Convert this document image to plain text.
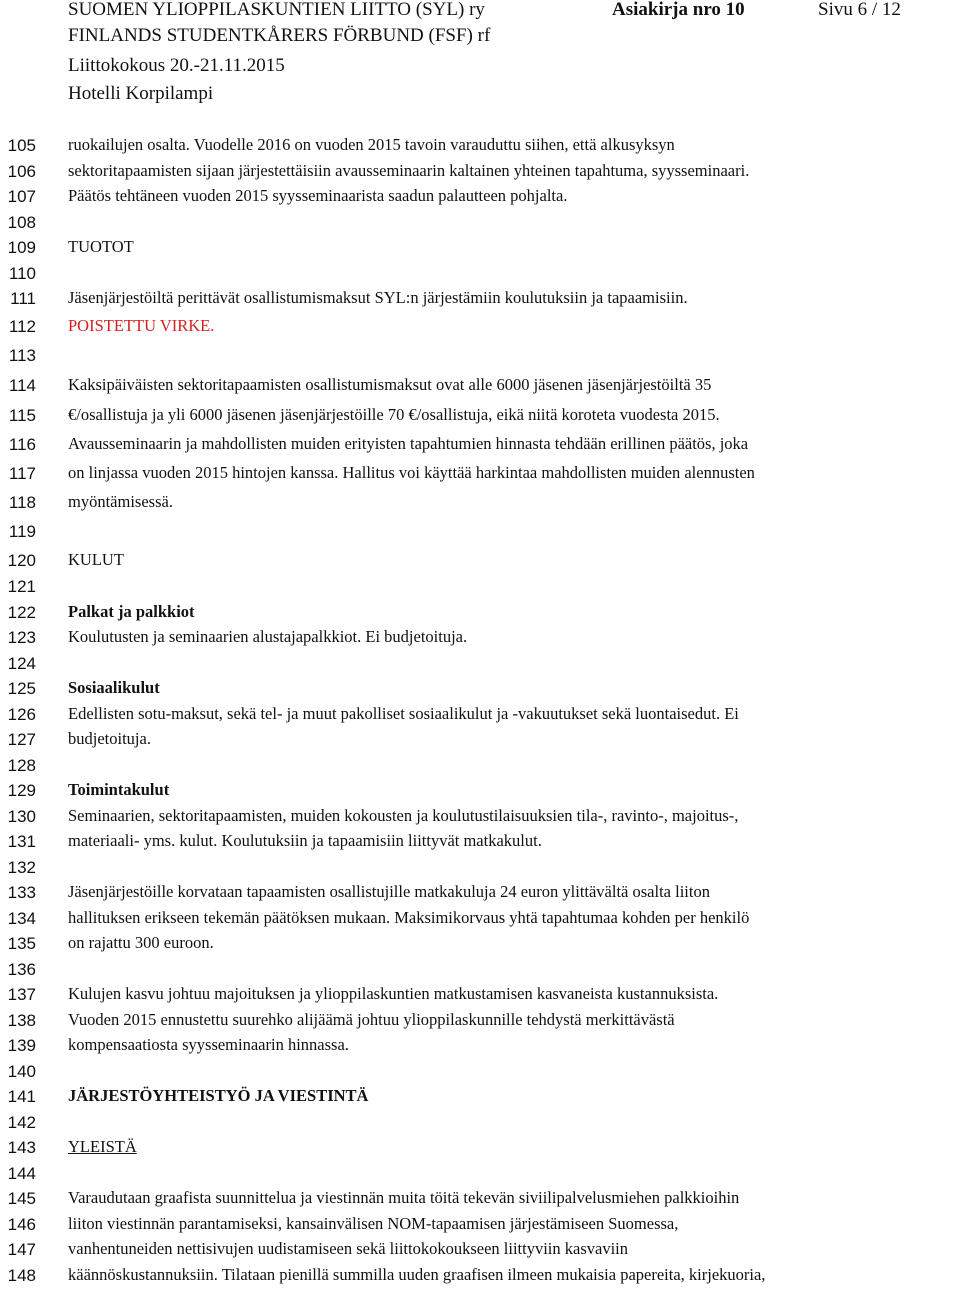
SUOMEN YLIOPPILASKUNTIEN LIITTO (SYL) ry
FINLANDS STUDENTKÅRERS FÖRBUND (FSF) rf
Liittokokous 20.-21.11.2015
Hotelli Korpilampi
Asiakirja nro 10	Sivu 6 / 12
105
106
107
108
109
110
111
112
113
114
115
116
117
118
119
120
121
122
123
124
125
126
127
128
129
130
131
132
133
134
135
136
137
138
139
140
141
142
143
144
145
146
147
148
ruokailujen osalta. Vuodelle 2016 on vuoden 2015 tavoin varauduttu siihen, että alkusyksyn
sektoritapaamisten sijaan järjestettäisiin avausseminaarin kaltainen yhteinen tapahtuma, syysseminaari.
Päätös tehtäneen vuoden 2015 syysseminaarista saadun palautteen pohjalta.
TUOTOT
Jäsenjärjestöiltä perittävät osallistumismaksut SYL:n järjestämiin koulutuksiin ja tapaamisiin.
POISTETTU VIRKE.
Kaksipäiväisten sektoritapaamisten osallistumismaksut ovat alle 6000 jäsenen jäsenjärjestöiltä 35
€/osallistuja ja yli 6000 jäsenen jäsenjärjestöille 70 €/osallistuja, eikä niitä koroteta vuodesta 2015.
Avausseminaarin ja mahdollisten muiden erityisten tapahtumien hinnasta tehdään erillinen päätös, joka
on linjassa vuoden 2015 hintojen kanssa. Hallitus voi käyttää harkintaa mahdollisten muiden alennusten
myöntämisessä.
KULUT
Palkat ja palkkiot
Koulutusten ja seminaarien alustajapalkkiot. Ei budjetoituja.
Sosiaalikulut
Edellisten sotu-maksut, sekä tel- ja muut pakolliset sosiaalikulut ja -vakuutukset sekä luontaisedut. Ei
budjetoituja.
Toimintakulut
Seminaarien, sektoritapaamisten, muiden kokousten ja koulutustilaisuuksien tila-, ravinto-, majoitus-,
materiaali- yms. kulut. Koulutuksiin ja tapaamisiin liittyvät matkakulut.
Jäsenjärjestöille korvataan tapaamisten osallistujille matkakuluja 24 euron ylittävältä osalta liiton
hallituksen erikseen tekemän päätöksen mukaan. Maksimikorvaus yhtä tapahtumaa kohden per henkilö
on rajattu 300 euroon.
Kulujen kasvu johtuu majoituksen ja ylioppilaskuntien matkustamisen kasvaneista kustannuksista.
Vuoden 2015 ennustettu suurehko alijäämä johtuu ylioppilaskunnille tehdystä merkittävästä
kompensaatiosta syysseminaarin hinnassa.
JÄRJESTÖYHTEISTYÖ JA VIESTINTÄ
YLEISTÄ
Varaudutaan graafista suunnittelua ja viestinnän muita töitä tekevän siviilipalvelusmiehen palkkioihin
liiton viestinnän parantamiseksi, kansainvälisen NOM-tapaamisen järjestämiseen Suomessa,
vanhentuneiden nettisivujen uudistamiseen sekä liittokokoukseen liittyviin kasvaviin
käännöskustannuksiin. Tilataan pienillä summilla uuden graafisen ilmeen mukaisia papereita, kirjekuoria,
